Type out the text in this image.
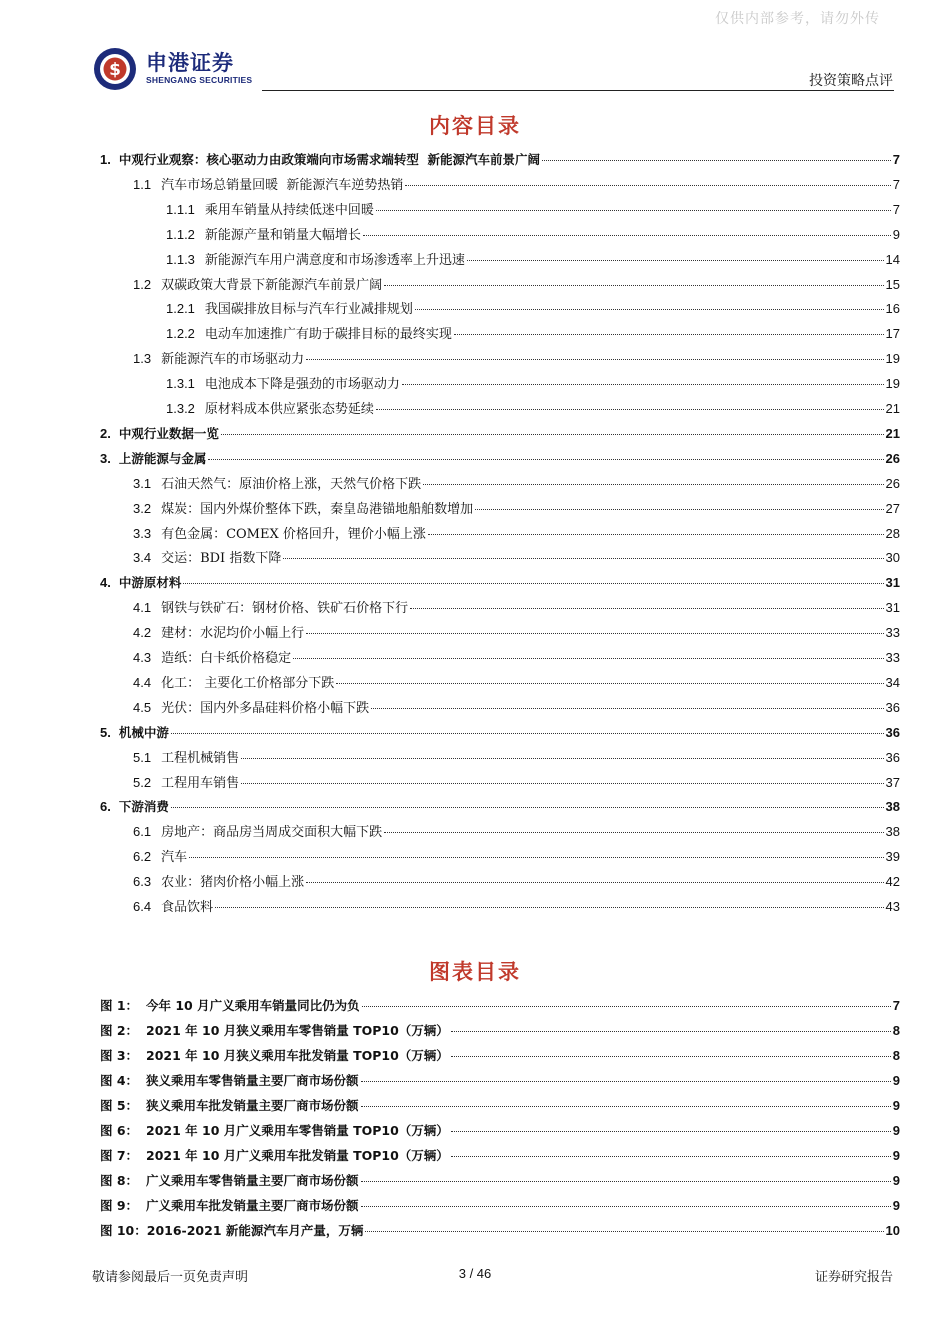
仅供内部参考，请勿外传
$ 申港证券
SHENGANG SECURITIES	投资策略点评
内容目录
1. 中观行业观察：核心驱动力由政策端向市场需求端转型  新能源汽车前景广阔	7
1.1 汽车市场总销量回暖  新能源汽车逆势热销	7
1.1.1 乘用车销量从持续低迷中回暖	7
1.1.2 新能源产量和销量大幅增长	9
1.1.3 新能源汽车用户满意度和市场渗透率上升迅速	14
1.2 双碳政策大背景下新能源汽车前景广阔	15
1.2.1 我国碳排放目标与汽车行业减排规划	16
1.2.2 电动车加速推广有助于碳排目标的最终实现	17
1.3 新能源汽车的市场驱动力	19
1.3.1 电池成本下降是强劲的市场驱动力	19
1.3.2 原材料成本供应紧张态势延续	21
2. 中观行业数据一览	21
3. 上游能源与金属	26
3.1 石油天然气：原油价格上涨，天然气价格下跌	26
3.2 煤炭：国内外煤价整体下跌，秦皇岛港锚地船舶数增加	27
3.3 有色金属：COMEX 价格回升，锂价小幅上涨	28
3.4 交运：BDI 指数下降	30
4. 中游原材料	31
4.1 钢铁与铁矿石：钢材价格、铁矿石价格下行	31
4.2 建材：水泥均价小幅上行	33
4.3 造纸：白卡纸价格稳定	33
4.4 化工： 主要化工价格部分下跌	34
4.5 光伏：国内外多晶硅料价格小幅下跌	36
5. 机械中游	36
5.1 工程机械销售	36
5.2 工程用车销售	37
6. 下游消费	38
6.1 房地产：商品房当周成交面积大幅下跌	38
6.2 汽车	39
6.3 农业：猪肉价格小幅上涨	42
6.4 食品饮料	43
图表目录
图 1： 今年 10 月广义乘用车销量同比仍为负	7
图 2： 2021 年 10 月狭义乘用车零售销量 TOP10（万辆）	8
图 3： 2021 年 10 月狭义乘用车批发销量 TOP10（万辆）	8
图 4： 狭义乘用车零售销量主要厂商市场份额	9
图 5： 狭义乘用车批发销量主要厂商市场份额	9
图 6： 2021 年 10 月广义乘用车零售销量 TOP10（万辆）	9
图 7： 2021 年 10 月广义乘用车批发销量 TOP10（万辆）	9
图 8： 广义乘用车零售销量主要厂商市场份额	9
图 9： 广义乘用车批发销量主要厂商市场份额	9
图 10： 2016-2021 新能源汽车月产量，万辆	10
敬请参阅最后一页免责声明	3 / 46	证券研究报告
